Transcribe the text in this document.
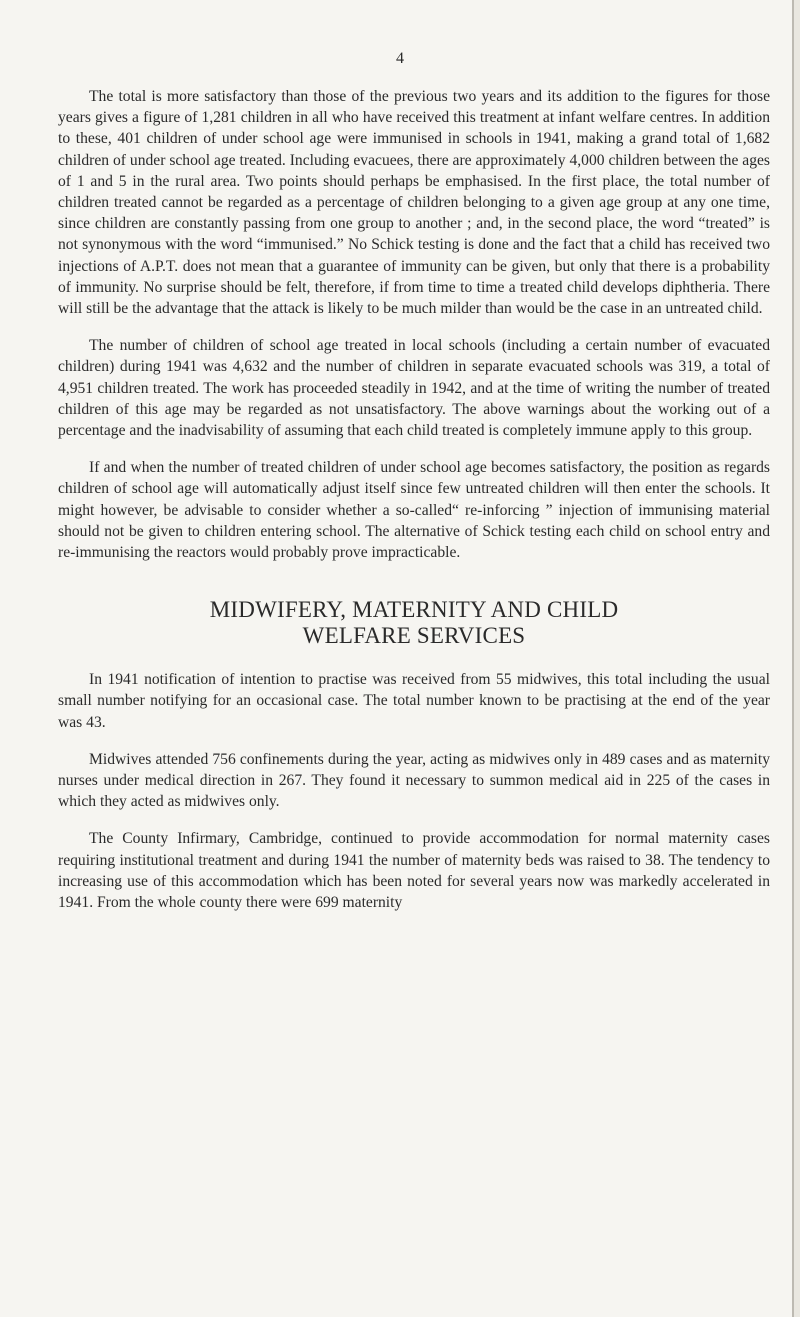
4

The total is more satisfactory than those of the previous two years and its addition to the figures for those years gives a figure of 1,281 children in all who have received this treatment at infant welfare centres. In addition to these, 401 children of under school age were immunised in schools in 1941, making a grand total of 1,682 children of under school age treated. Including evacuees, there are approximately 4,000 children between the ages of 1 and 5 in the rural area. Two points should perhaps be emphasised. In the first place, the total number of children treated cannot be regarded as a percentage of children belonging to a given age group at any one time, since children are constantly passing from one group to another ; and, in the second place, the word “treated” is not synonymous with the word “immunised.” No Schick testing is done and the fact that a child has received two injections of A.P.T. does not mean that a guarantee of immunity can be given, but only that there is a probability of immunity. No surprise should be felt, therefore, if from time to time a treated child develops diphtheria. There will still be the advantage that the attack is likely to be much milder than would be the case in an untreated child.

The number of children of school age treated in local schools (including a certain number of evacuated children) during 1941 was 4,632 and the number of children in separate evacuated schools was 319, a total of 4,951 children treated. The work has proceeded steadily in 1942, and at the time of writing the number of treated children of this age may be regarded as not unsatisfactory. The above warnings about the working out of a percentage and the inadvisability of assuming that each child treated is completely immune apply to this group.

If and when the number of treated children of under school age becomes satisfactory, the position as regards children of school age will automatically adjust itself since few untreated children will then enter the schools. It might however, be advisable to consider whether a so-called“ re-inforcing ” injection of immunising material should not be given to children entering school. The alternative of Schick testing each child on school entry and re-immunising the reactors would probably prove impracticable.

MIDWIFERY, MATERNITY AND CHILD
WELFARE SERVICES

In 1941 notification of intention to practise was received from 55 midwives, this total including the usual small number notifying for an occasional case. The total number known to be practising at the end of the year was 43.

Midwives attended 756 confinements during the year, acting as midwives only in 489 cases and as maternity nurses under medical direction in 267. They found it necessary to summon medical aid in 225 of the cases in which they acted as midwives only.

The County Infirmary, Cambridge, continued to provide accommodation for normal maternity cases requiring institutional treatment and during 1941 the number of maternity beds was raised to 38. The tendency to increasing use of this accommodation which has been noted for several years now was markedly accelerated in 1941. From the whole county there were 699 maternity
